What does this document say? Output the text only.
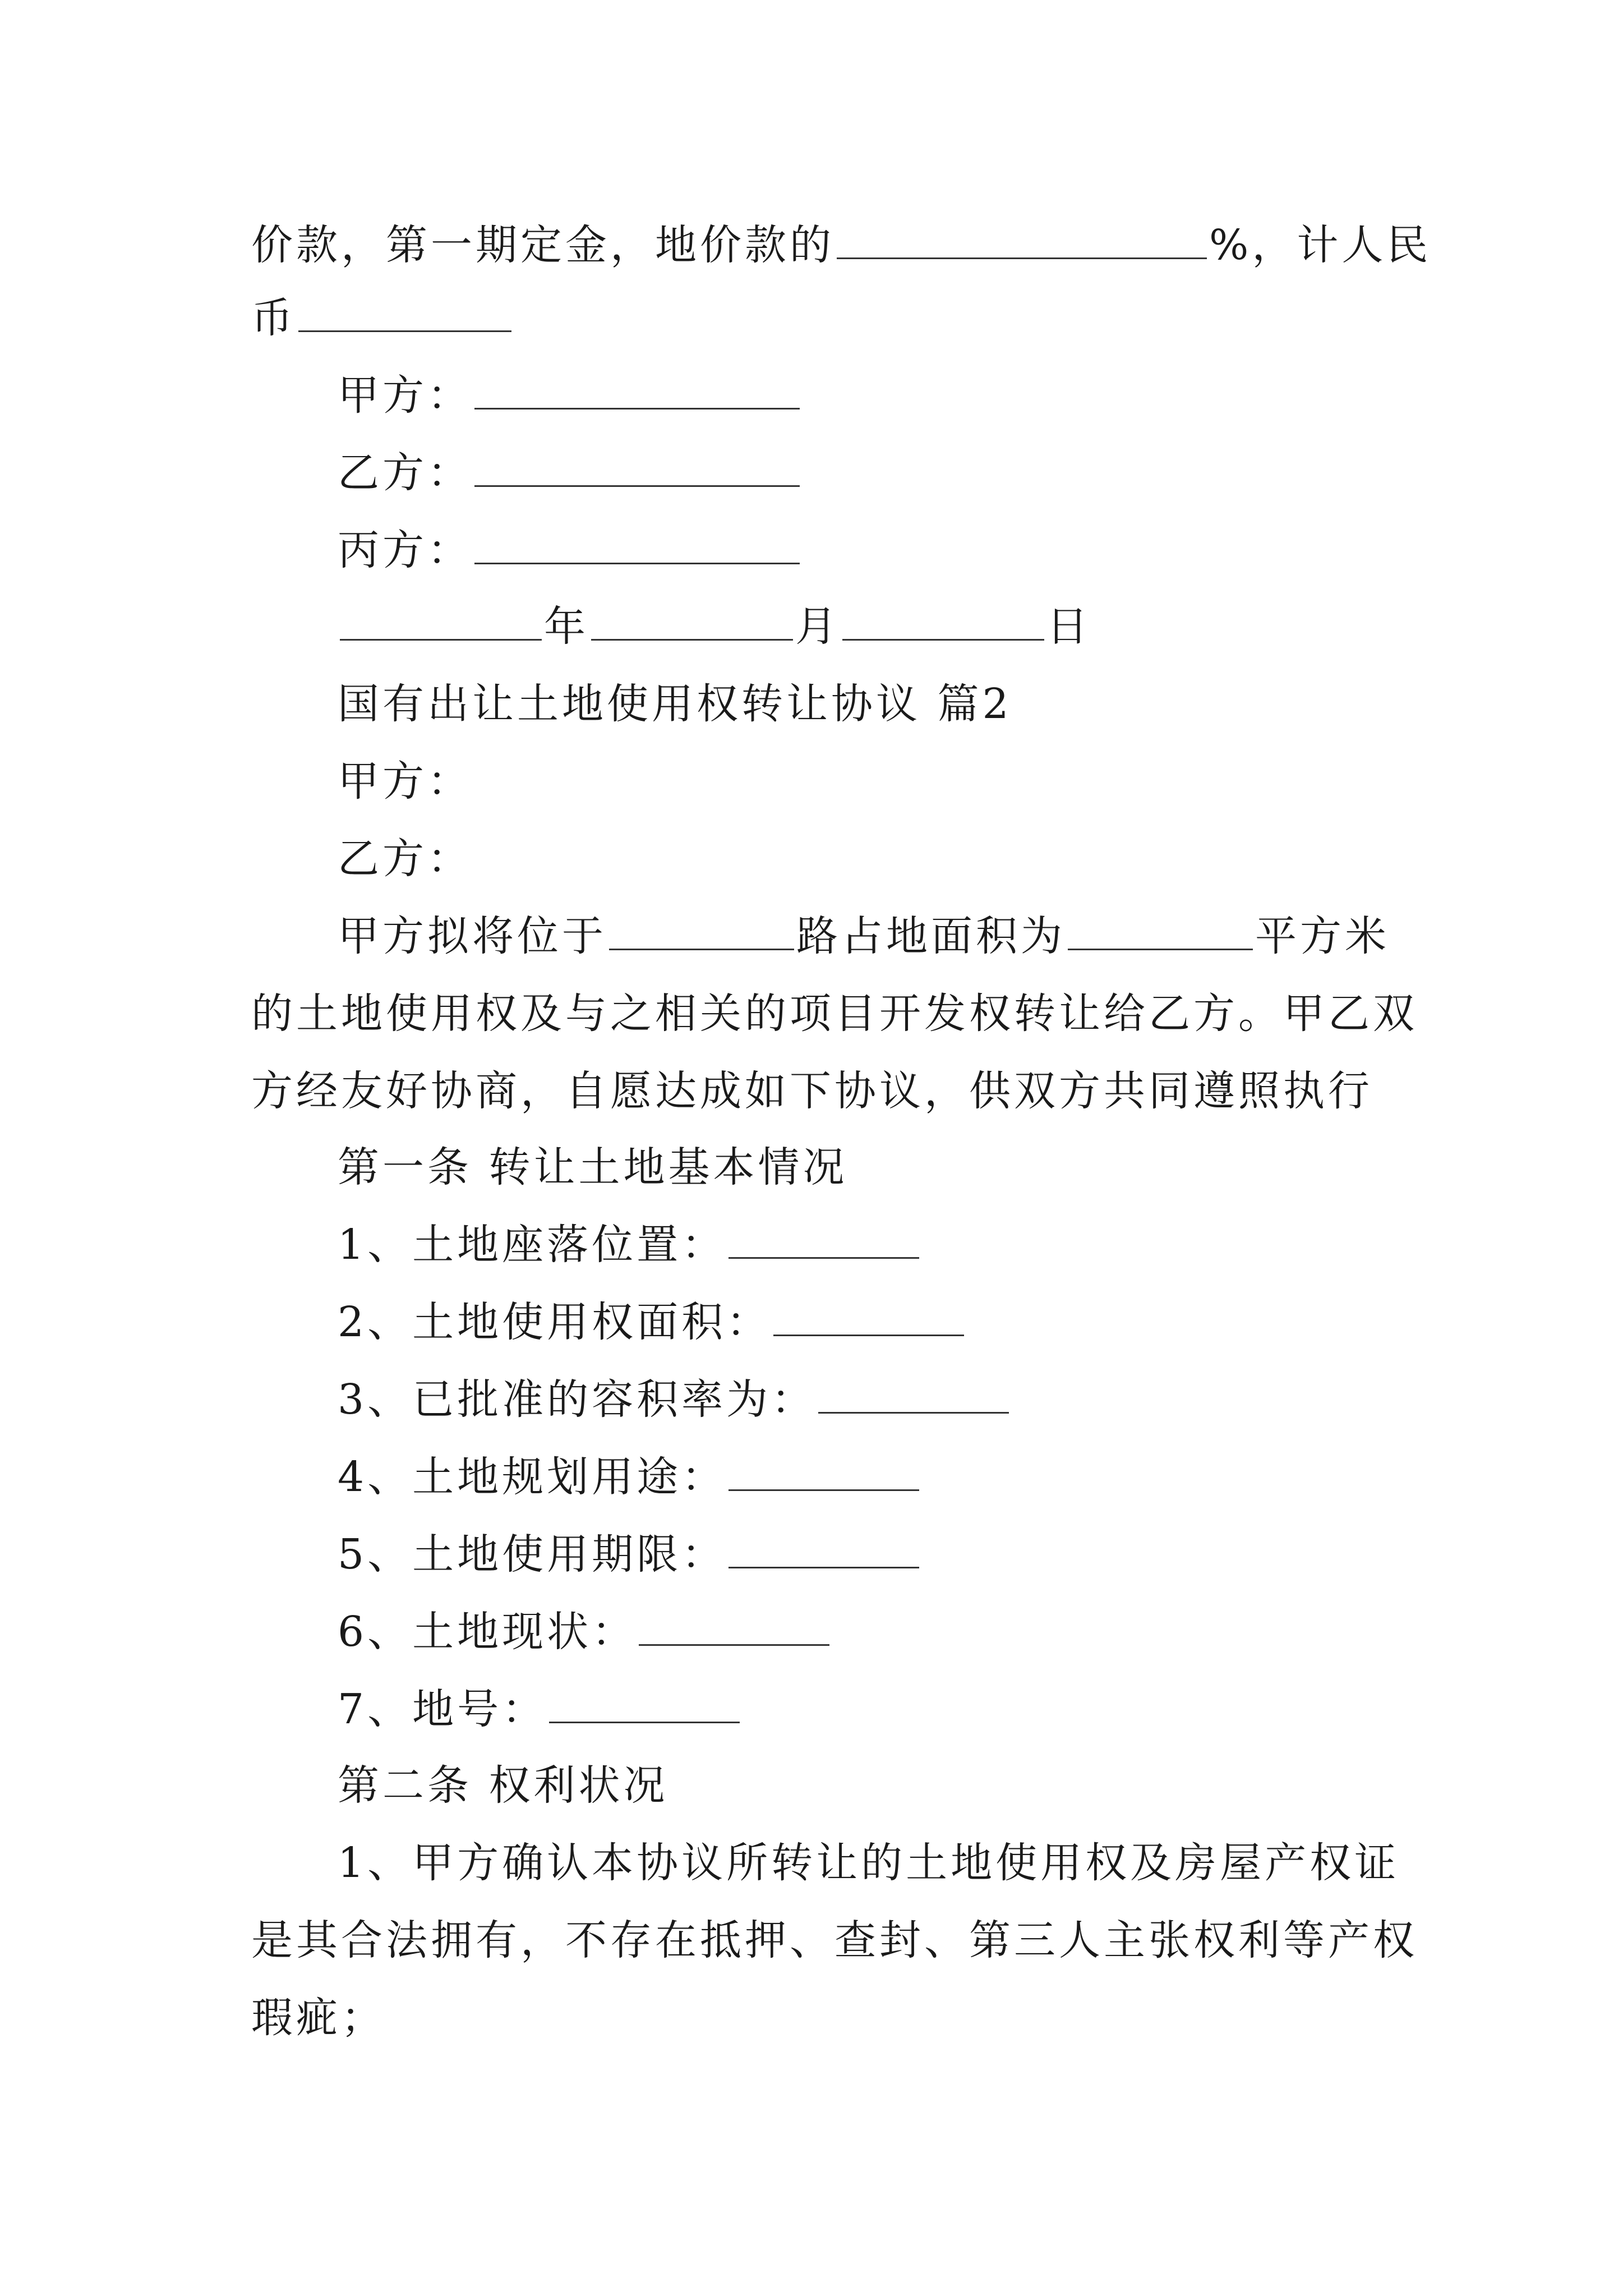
价款，第一期定金，地价款的	%，计人民
币
甲方：
乙方：
丙方：
年	月	日
国有出让土地使用权转让协议 篇2
甲方：
乙方：
甲方拟将位于	路占地面积为	平方米
的土地使用权及与之相关的项目开发权转让给乙方。甲乙双
方经友好协商，自愿达成如下协议，供双方共同遵照执行
第一条 转让土地基本情况
1、土地座落位置：
2、土地使用权面积：
3、已批准的容积率为：
4、土地规划用途：
5、土地使用期限：
6、土地现状：
7、地号：
第二条 权利状况
1、甲方确认本协议所转让的土地使用权及房屋产权证
是其合法拥有，不存在抵押、查封、第三人主张权利等产权
瑕疵；
